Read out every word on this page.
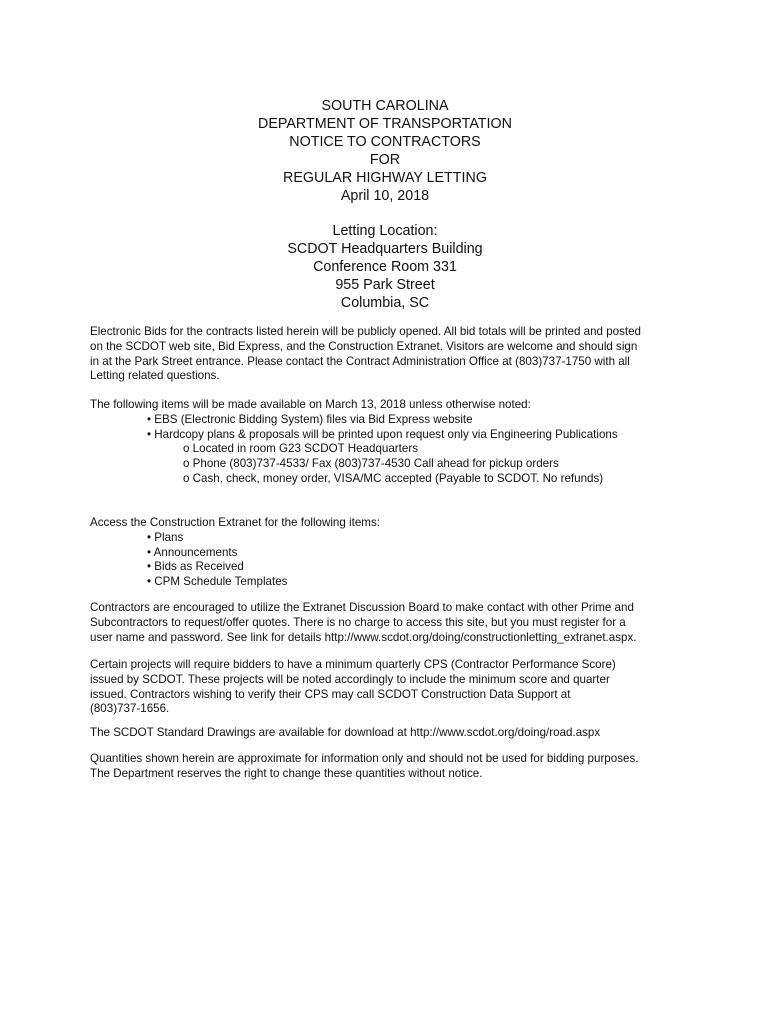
SOUTH CAROLINA
DEPARTMENT OF TRANSPORTATION
NOTICE TO CONTRACTORS
FOR
REGULAR HIGHWAY LETTING
April 10, 2018
Letting Location:
SCDOT Headquarters Building
Conference Room 331
955 Park Street
Columbia, SC

Electronic Bids for the contracts listed herein will be publicly opened. All bid totals will be printed and posted

on the SCDOT web site, Bid Express, and the Construction Extranet. Visitors are welcome and should sign

in at the Park Street entrance. Please contact the Contract Administration Office at (803)737-1750 with all

Letting related questions.

The following items will be made available on March 13, 2018 unless otherwise noted:

• EBS (Electronic Bidding System) files via Bid Express website

• Hardcopy plans & proposals will be printed upon request only via Engineering Publications

o Located in room G23 SCDOT Headquarters

o Phone (803)737-4533/ Fax (803)737-4530 Call ahead for pickup orders

o Cash, check, money order, VISA/MC accepted (Payable to SCDOT. No refunds)

Access the Construction Extranet for the following items:

• Plans

• Announcements

• Bids as Received

• CPM Schedule Templates

Contractors are encouraged to utilize the Extranet Discussion Board to make contact with other Prime and

Subcontractors to request/offer quotes. There is no charge to access this site, but you must register for a

user name and password. See link for details http://www.scdot.org/doing/constructionletting_extranet.aspx.

Certain projects will require bidders to have a minimum quarterly CPS (Contractor Performance Score)

issued by SCDOT. These projects will be noted accordingly to include the minimum score and quarter

issued. Contractors wishing to verify their CPS may call SCDOT Construction Data Support at

(803)737-1656.

The SCDOT Standard Drawings are available for download at http://www.scdot.org/doing/road.aspx

Quantities shown herein are approximate for information only and should not be used for bidding purposes.

The Department reserves the right to change these quantities without notice.
